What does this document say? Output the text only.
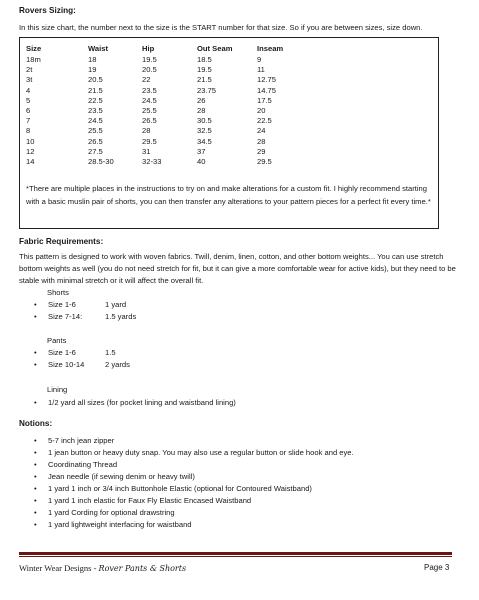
Rovers Sizing:
In this size chart, the number next to the size is the START number for that size. So if you are between sizes, size down.
Size	Waist	Hip	Out Seam	Inseam
18m	18	19.5	18.5	9
2t	19	20.5	19.5	11
3t	20.5	22	21.5	12.75
4	21.5	23.5	23.75	14.75
5	22.5	24.5	26	17.5
6	23.5	25.5	28	20
7	24.5	26.5	30.5	22.5
8	25.5	28	32.5	24
10	26.5	29.5	34.5	28
12	27.5	31	37	29
14	28.5-30	32-33	40	29.5
*There are multiple places in the instructions to try on and make alterations for a custom fit. I highly recommend starting with a basic muslin pair of shorts, you can then transfer any alterations to your pattern pieces for a perfect fit every time.*
Fabric Requirements:
This pattern is designed to work with woven fabrics. Twill, denim, linen, cotton, and other bottom weights... You can use stretch bottom weights as well (you do not need stretch for fit, but it can give a more comfortable wear for active kids), but they need to be stable with minimal stretch or it will affect the overall fit.
Shorts
• Size 1-6	1 yard
• Size 7-14:	1.5 yards
Pants
• Size 1-6	1.5
• Size 10-14	2 yards
Lining
• 1/2 yard all sizes (for pocket lining and waistband lining)
Notions:
• 5-7 inch jean zipper
• 1 jean button or heavy duty snap. You may also use a regular button or slide hook and eye.
• Coordinating Thread
• Jean needle (if sewing denim or heavy twill)
• 1 yard 1 inch or 3/4 inch Buttonhole Elastic (optional for Contoured Waistband)
• 1 yard 1 inch elastic for Faux Fly Elastic Encased Waistband
• 1 yard Cording for optional drawstring
• 1 yard lightweight interfacing for waistband
Winter Wear Designs - Rover Pants & Shorts	Page 3
